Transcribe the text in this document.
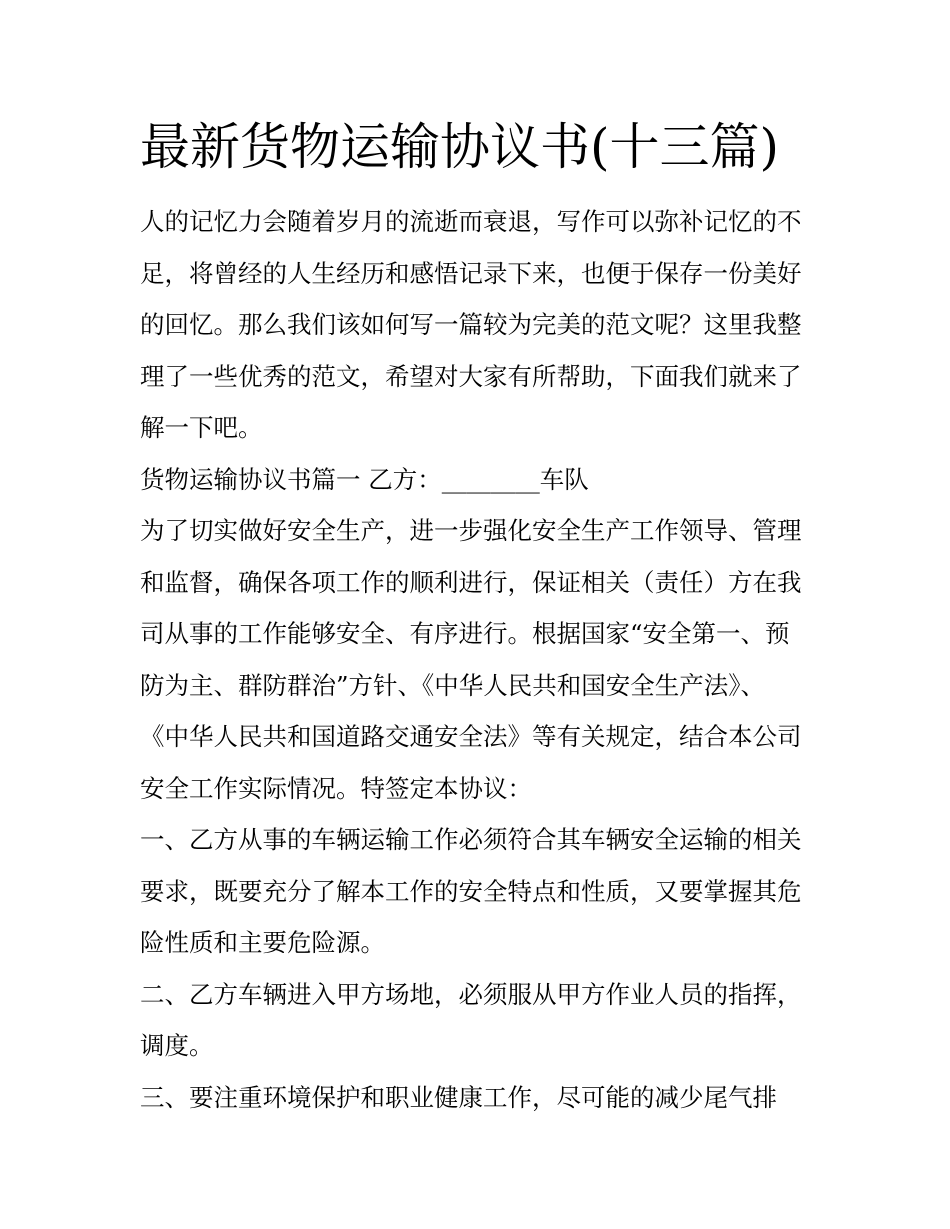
最新货物运输协议书(十三篇)
人的记忆力会随着岁月的流逝而衰退，写作可以弥补记忆的不
足，将曾经的人生经历和感悟记录下来，也便于保存一份美好
的回忆。那么我们该如何写一篇较为完美的范文呢？这里我整
理了一些优秀的范文，希望对大家有所帮助，下面我们就来了
解一下吧。
货物运输协议书篇一 乙方：________车队
为了切实做好安全生产，进一步强化安全生产工作领导、管理
和监督，确保各项工作的顺利进行，保证相关（责任）方在我
司从事的工作能够安全、有序进行。根据国家“安全第一、预
防为主、群防群治”方针、《中华人民共和国安全生产法》、
《中华人民共和国道路交通安全法》等有关规定，结合本公司
安全工作实际情况。特签定本协议：
一、乙方从事的车辆运输工作必须符合其车辆安全运输的相关
要求，既要充分了解本工作的安全特点和性质，又要掌握其危
险性质和主要危险源。
二、乙方车辆进入甲方场地，必须服从甲方作业人员的指挥，
调度。
三、要注重环境保护和职业健康工作，尽可能的减少尾气排
